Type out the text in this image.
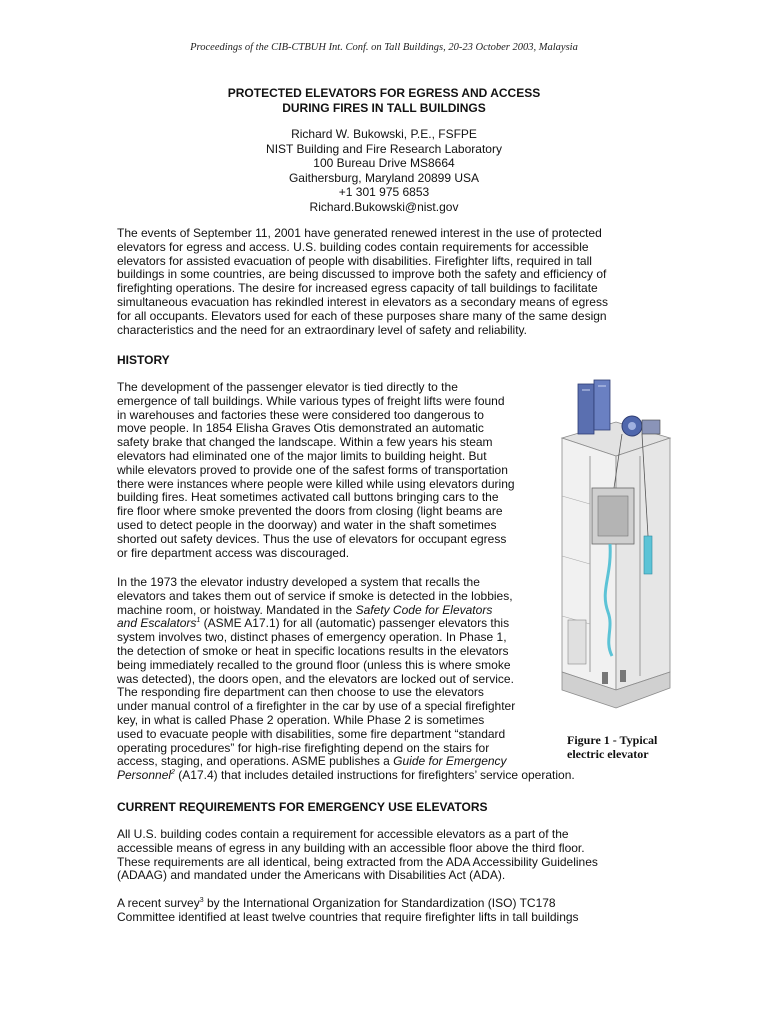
Proceedings of the CIB-CTBUH Int. Conf. on Tall Buildings, 20-23 October 2003, Malaysia
PROTECTED ELEVATORS FOR EGRESS AND ACCESS
DURING FIRES IN TALL BUILDINGS
Richard W. Bukowski, P.E., FSFPE
NIST Building and Fire Research Laboratory
100 Bureau Drive MS8664
Gaithersburg, Maryland 20899 USA
+1 301 975 6853
Richard.Bukowski@nist.gov
The events of September 11, 2001 have generated renewed interest in the use of protected
elevators for egress and access. U.S. building codes contain requirements for accessible
elevators for assisted evacuation of people with disabilities. Firefighter lifts, required in tall
buildings in some countries, are being discussed to improve both the safety and efficiency of
firefighting operations. The desire for increased egress capacity of tall buildings to facilitate
simultaneous evacuation has rekindled interest in elevators as a secondary means of egress
for all occupants. Elevators used for each of these purposes share many of the same design
characteristics and the need for an extraordinary level of safety and reliability.
HISTORY
The development of the passenger elevator is tied directly to the
emergence of tall buildings. While various types of freight lifts were found
in warehouses and factories these were considered too dangerous to
move people. In 1854 Elisha Graves Otis demonstrated an automatic
safety brake that changed the landscape. Within a few years his steam
elevators had eliminated one of the major limits to building height. But
while elevators proved to provide one of the safest forms of transportation
there were instances where people were killed while using elevators during
building fires. Heat sometimes activated call buttons bringing cars to the
fire floor where smoke prevented the doors from closing (light beams are
used to detect people in the doorway) and water in the shaft sometimes
shorted out safety devices. Thus the use of elevators for occupant egress
or fire department access was discouraged.
In the 1973 the elevator industry developed a system that recalls the
elevators and takes them out of service if smoke is detected in the lobbies,
machine room, or hoistway. Mandated in the Safety Code for Elevators
and Escalators$^1$ (ASME A17.1) for all (automatic) passenger elevators this
system involves two, distinct phases of emergency operation. In Phase 1,
the detection of smoke or heat in specific locations results in the elevators
being immediately recalled to the ground floor (unless this is where smoke
was detected), the doors open, and the elevators are locked out of service.
The responding fire department can then choose to use the elevators
under manual control of a firefighter in the car by use of a special firefighter
key, in what is called Phase 2 operation. While Phase 2 is sometimes
used to evacuate people with disabilities, some fire department “standard
operating procedures” for high-rise firefighting depend on the stairs for
access, staging, and operations. ASME publishes a Guide for Emergency
Personnel$^2$ (A17.4) that includes detailed instructions for firefighters’ service operation.
CURRENT REQUIREMENTS FOR EMERGENCY USE ELEVATORS
All U.S. building codes contain a requirement for accessible elevators as a part of the
accessible means of egress in any building with an accessible floor above the third floor.
These requirements are all identical, being extracted from the ADA Accessibility Guidelines
(ADAAG) and mandated under the Americans with Disabilities Act (ADA).
A recent survey$^3$ by the International Organization for Standardization (ISO) TC178
Committee identified at least twelve countries that require firefighter lifts in tall buildings
Figure 1 - Typical
electric elevator
